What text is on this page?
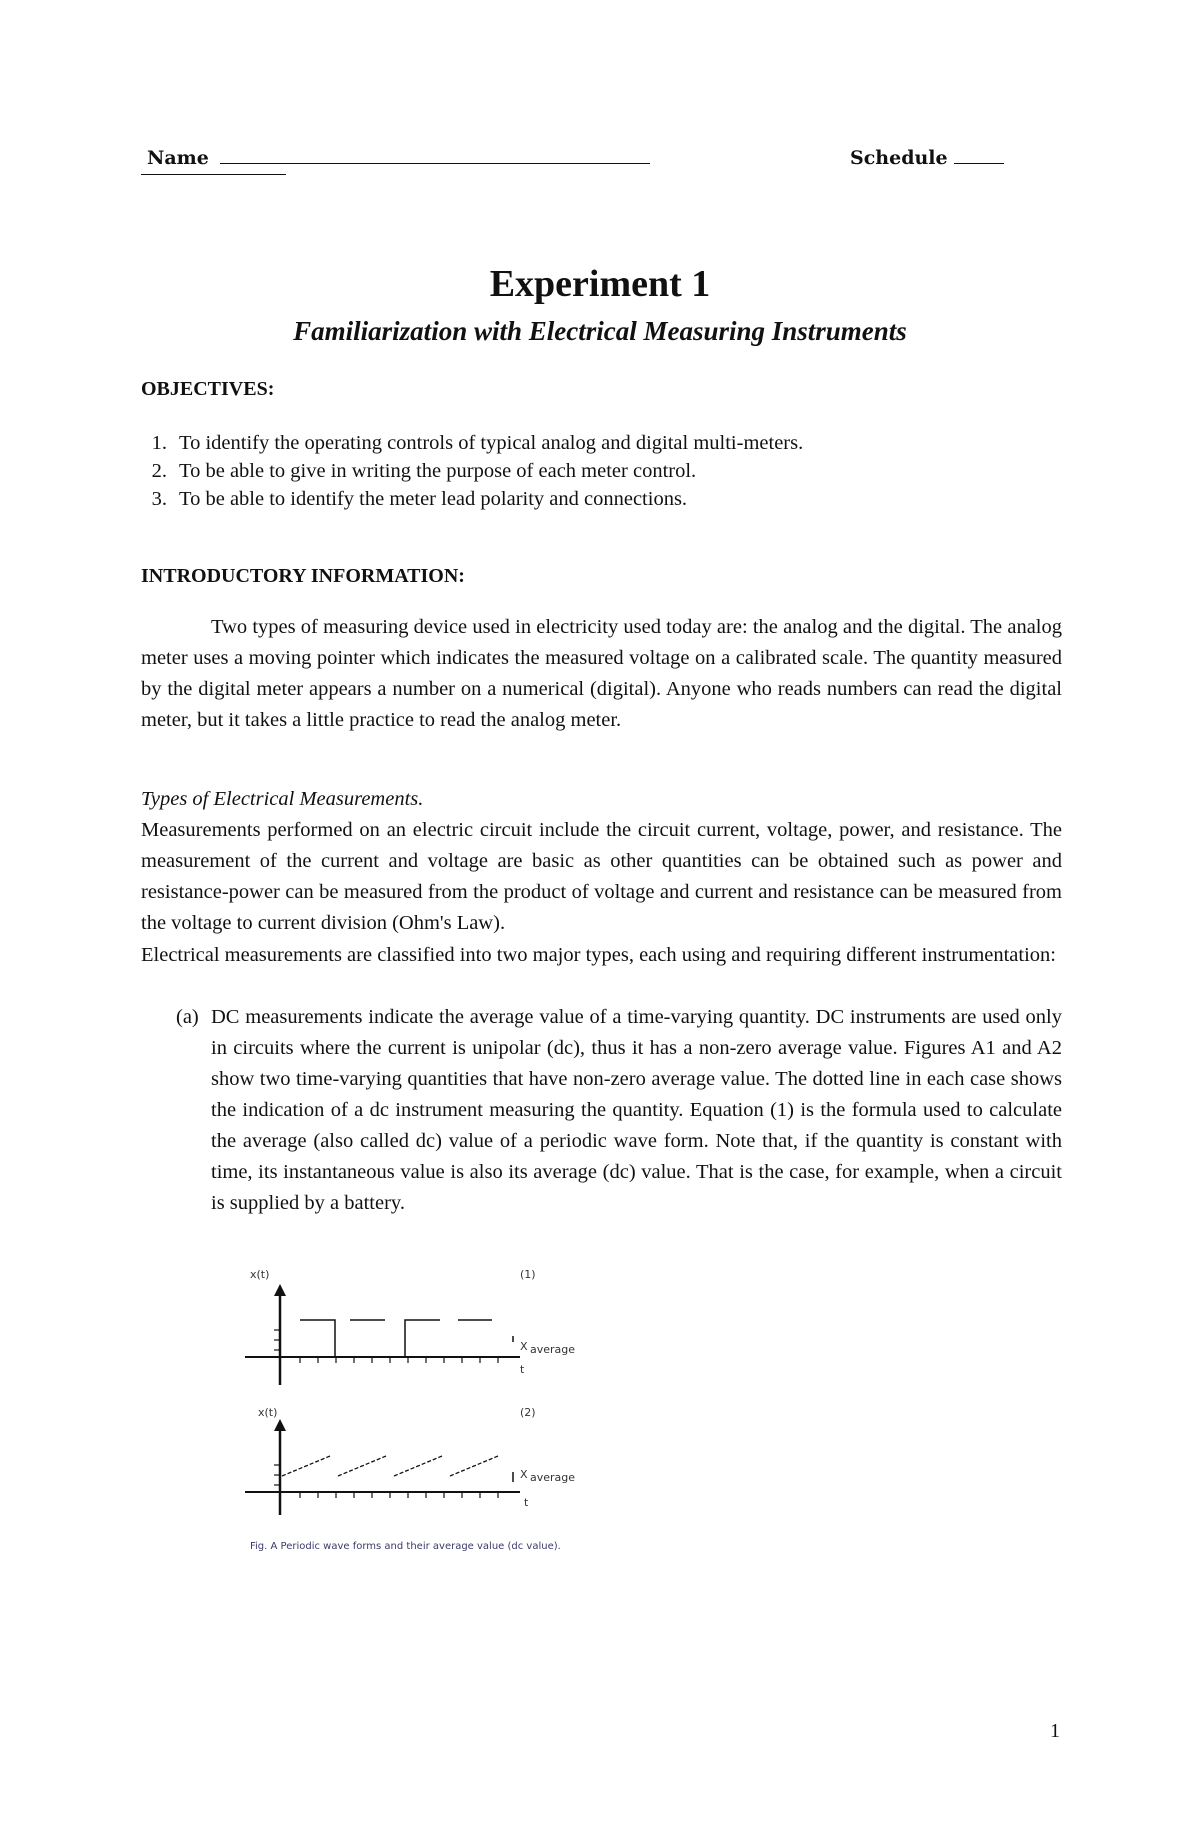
Name	Schedule
Experiment 1
Familiarization with Electrical Measuring Instruments
OBJECTIVES:
1. To identify the operating controls of typical analog and digital multi-meters.
2. To be able to give in writing the purpose of each meter control.
3. To be able to identify the meter lead polarity and connections.
INTRODUCTORY INFORMATION:
Two types of measuring device used in electricity used today are: the analog and the digital. The analog meter uses a moving pointer which indicates the measured voltage on a calibrated scale. The quantity measured by the digital meter appears a number on a numerical (digital). Anyone who reads numbers can read the digital meter, but it takes a little practice to read the analog meter.
Types of Electrical Measurements.
Measurements performed on an electric circuit include the circuit current, voltage, power, and resistance. The measurement of the current and voltage are basic as other quantities can be obtained such as power and resistance-power can be measured from the product of voltage and current and resistance can be measured from the voltage to current division (Ohm's Law).
Electrical measurements are classified into two major types, each using and requiring different instrumentation:
(a) DC measurements indicate the average value of a time-varying quantity. DC instruments are used only in circuits where the current is unipolar (dc), thus it has a non-zero average value. Figures A1 and A2 show two time-varying quantities that have non-zero average value. The dotted line in each case shows the indication of a dc instrument measuring the quantity. Equation (1) is the formula used to calculate the average (also called dc) value of a periodic wave form. Note that, if the quantity is constant with time, its instantaneous value is also its average (dc) value. That is the case, for example, when a circuit is supplied by a battery.
x(t)	(1)
X average
t
x(t)	(2)
X average
t
Fig. A Periodic wave forms and their average value (dc value).
1
